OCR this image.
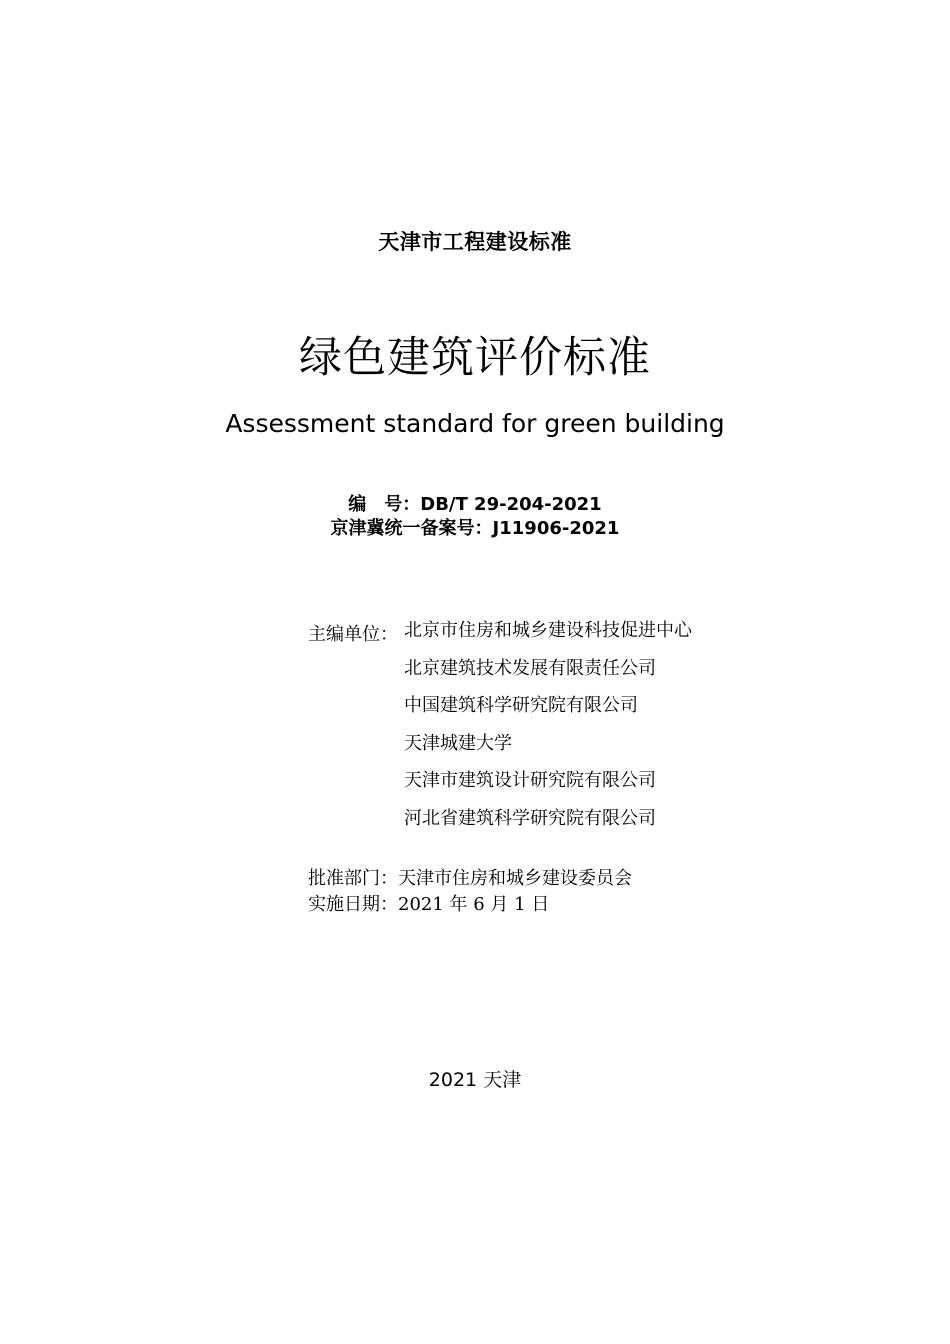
天津市工程建设标准
绿色建筑评价标准
Assessment standard for green building
编　号：DB/T 29-204-2021
京津冀统一备案号：J11906-2021
主编单位： 北京市住房和城乡建设科技促进中心
北京建筑技术发展有限责任公司
中国建筑科学研究院有限公司
天津城建大学
天津市建筑设计研究院有限公司
河北省建筑科学研究院有限公司
批准部门：天津市住房和城乡建设委员会
实施日期：2021 年 6 月 1 日
2021 天津
